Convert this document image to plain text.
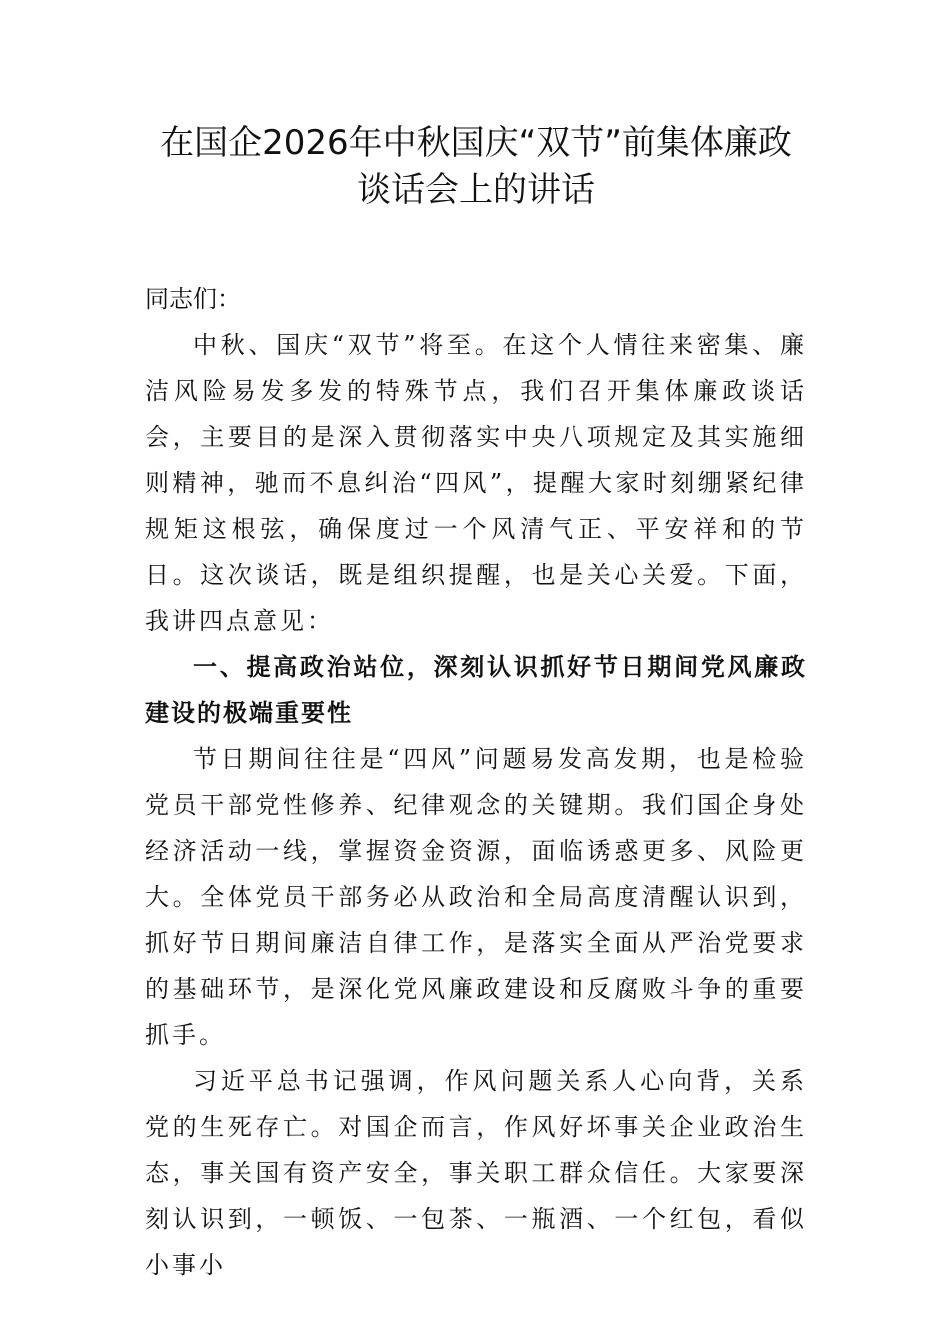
在国企2026年中秋国庆“双节”前集体廉政谈话会上的讲话
同志们：
中秋、国庆“双节”将至。在这个人情往来密集、廉洁风险易发多发的特殊节点，我们召开集体廉政谈话会，主要目的是深入贯彻落实中央八项规定及其实施细则精神，驰而不息纠治“四风”，提醒大家时刻绷紧纪律规矩这根弦，确保度过一个风清气正、平安祥和的节日。这次谈话，既是组织提醒，也是关心关爱。下面，我讲四点意见：
一、提高政治站位，深刻认识抓好节日期间党风廉政建设的极端重要性
节日期间往往是“四风”问题易发高发期，也是检验党员干部党性修养、纪律观念的关键期。我们国企身处经济活动一线，掌握资金资源，面临诱惑更多、风险更大。全体党员干部务必从政治和全局高度清醒认识到，抓好节日期间廉洁自律工作，是落实全面从严治党要求的基础环节，是深化党风廉政建设和反腐败斗争的重要抓手。
习近平总书记强调，作风问题关系人心向背，关系党的生死存亡。对国企而言，作风好坏事关企业政治生态，事关国有资产安全，事关职工群众信任。大家要深刻认识到，一顿饭、一包茶、一瓶酒、一个红包，看似小事小
